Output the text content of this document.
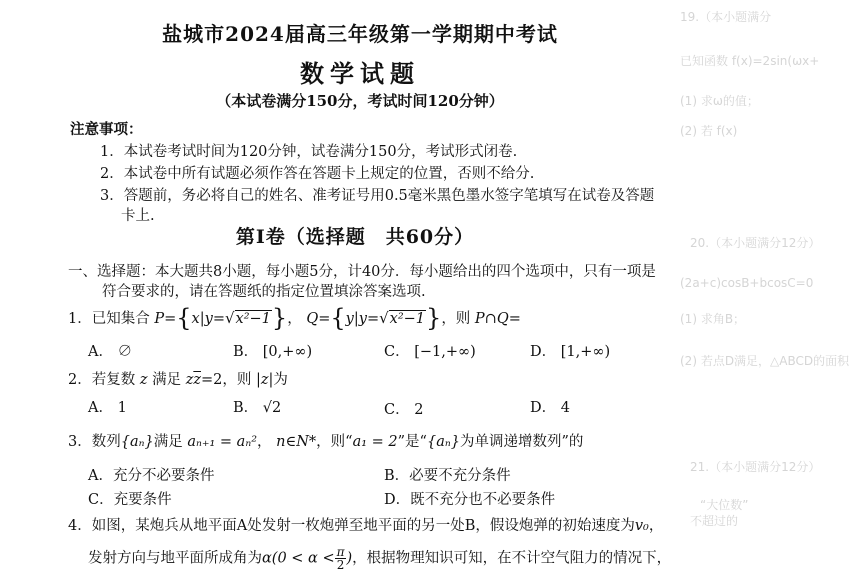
19.（本小题满分
已知函数 f(x)=2sin(ωx+
(1) 求ω的值；
(2) 若 f(x)
20.（本小题满分12分）
(2a+c)cosB+bcosC=0
(1) 求角B；
(2) 若点D满足，△ABCD的面积
21.（本小题满分12分）
“大位数”
不超过的
盐城市2024届高三年级第一学期期中考试
数学试题
（本试卷满分150分，考试时间120分钟）
注意事项：
1．本试卷考试时间为120分钟，试卷满分150分，考试形式闭卷.
2．本试卷中所有试题必须作答在答题卡上规定的位置，否则不给分.
3．答题前，务必将自己的姓名、准考证号用0.5毫米黑色墨水签字笔填写在试卷及答题
卡上.
第Ⅰ卷（选择题　共60分）
一、选择题：本大题共8小题，每小题5分，计40分．每小题给出的四个选项中，只有一项是
符合要求的，请在答题纸的指定位置填涂答案选项.
1．已知集合 P={x|y=√x²−1}， Q={y|y=√x²−1}，则 P∩Q=________.
A． ∅	B． [0,+∞)	C． [−1,+∞)	D． [1,+∞)
2．若复数 z 满足 $z\overline{z}=2$，则 |z|为
A． 1	B． √2	C． 2	D． 4
3．数列{aₙ}满足 aₙ₊₁ = aₙ²， n∈N*，则“a₁ = 2”是“{aₙ}为单调递增数列”的
A．充分不必要条件	B．必要不充分条件
C．充要条件	D．既不充分也不必要条件
4．如图，某炮兵从地平面A处发射一枚炮弹至地平面的另一处B，假设炮弹的初始速度为v₀，
发射方向与地平面所成角为$\alpha(0 < \alpha < \frac{\pi}{2}$ )，根据物理知识可知，在不计空气阻力的情况下，
